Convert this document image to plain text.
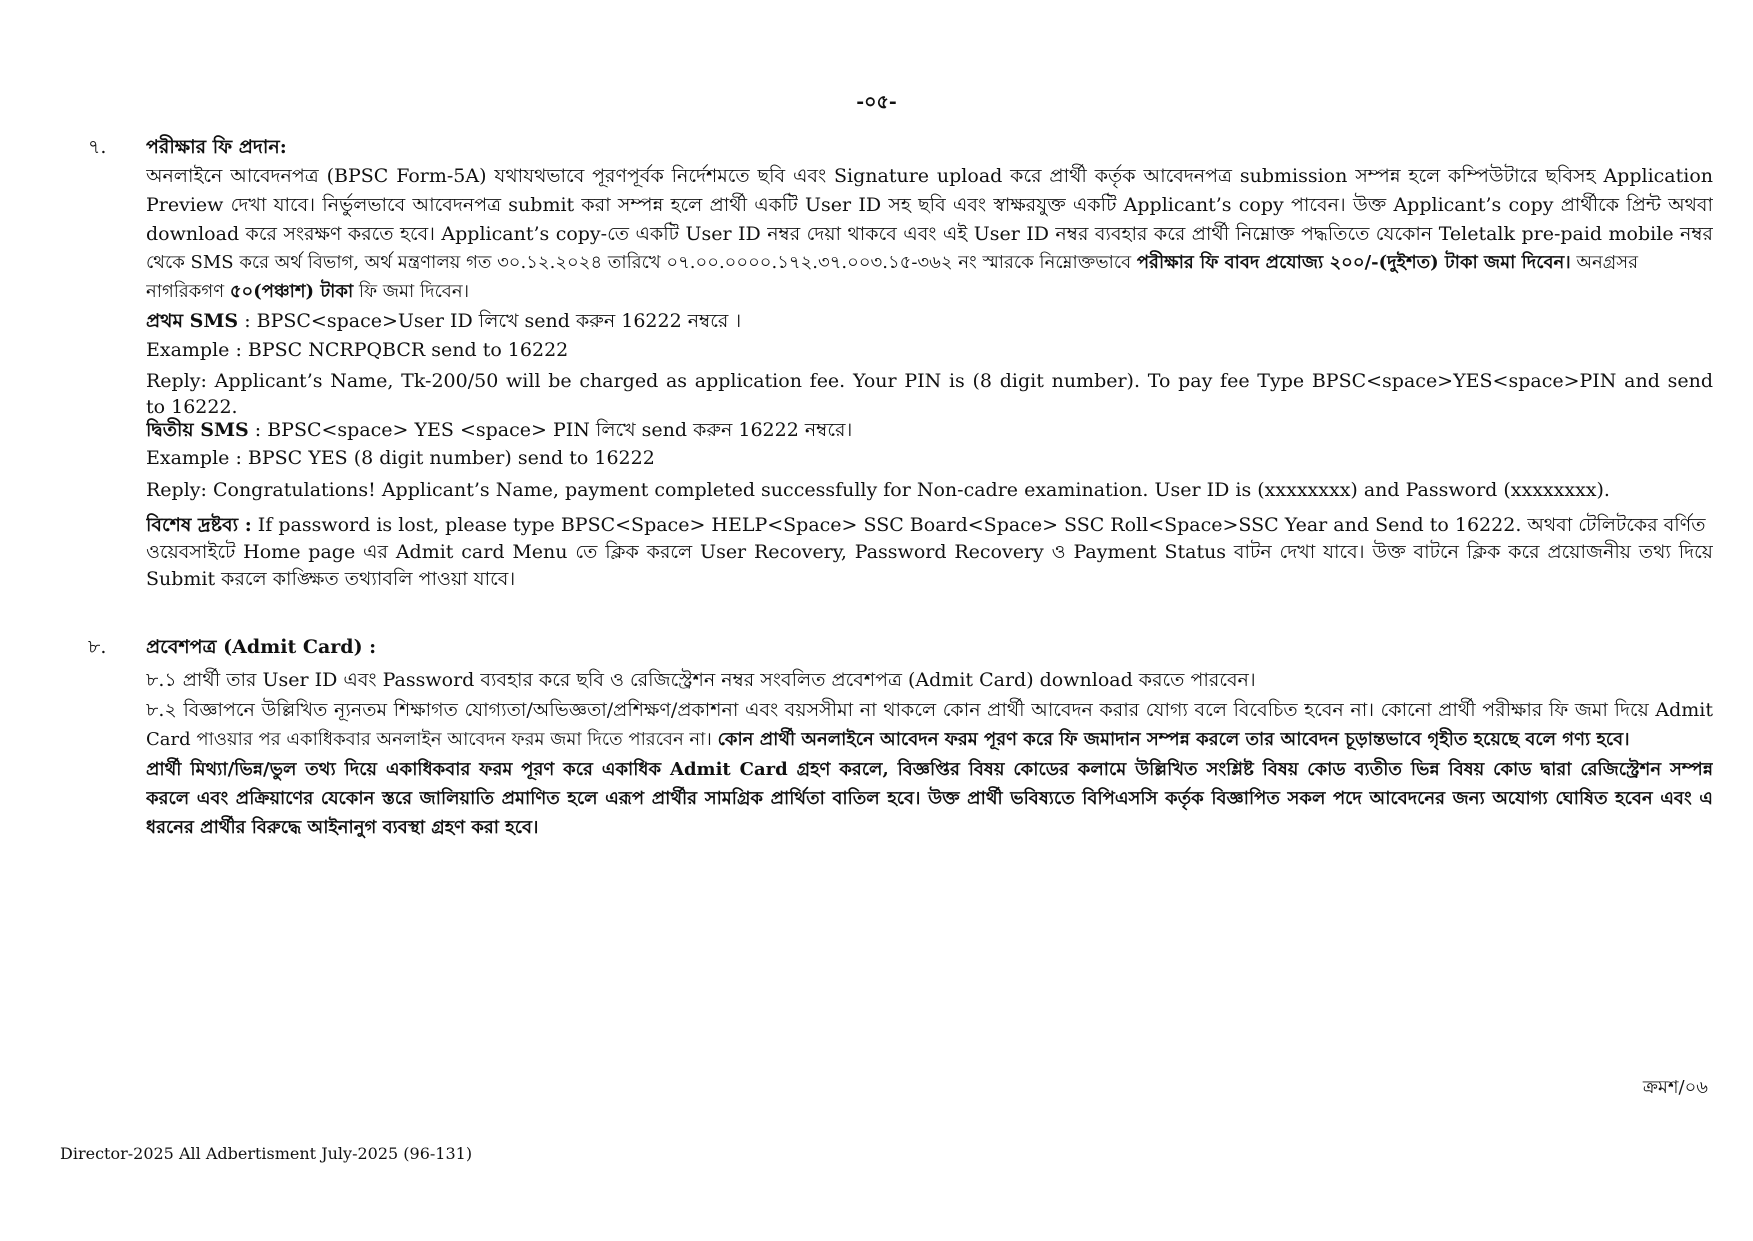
-০৫-
৭. পরীক্ষার ফি প্রদান:
অনলাইনে আবেদনপত্র (BPSC Form-5A) যথাযথভাবে পূরণপূর্বক নির্দেশমতে ছবি এবং Signature upload করে প্রার্থী কর্তৃক আবেদনপত্র submission সম্পন্ন হলে কম্পিউটারে ছবিসহ Application
Preview দেখা যাবে। নির্ভুলভাবে আবেদনপত্র submit করা সম্পন্ন হলে প্রার্থী একটি User ID সহ ছবি এবং স্বাক্ষরযুক্ত একটি Applicant’s copy পাবেন। উক্ত Applicant’s copy প্রার্থীকে প্রিন্ট অথবা
download করে সংরক্ষণ করতে হবে। Applicant’s copy-তে একটি User ID নম্বর দেয়া থাকবে এবং এই User ID নম্বর ব্যবহার করে প্রার্থী নিম্নোক্ত পদ্ধতিতে যেকোন Teletalk pre-paid mobile নম্বর
থেকে SMS করে অর্থ বিভাগ, অর্থ মন্ত্রণালয় গত ৩০.১২.২০২৪ তারিখে ০৭.০০.০০০০.১৭২.৩৭.০০৩.১৫-৩৬২ নং স্মারকে নিম্নোক্তভাবে পরীক্ষার ফি বাবদ প্রযোজ্য ২০০/-(দুইশত) টাকা জমা দিবেন। অনগ্রসর
নাগরিকগণ ৫০(পঞ্চাশ) টাকা ফি জমা দিবেন।
প্রথম SMS : BPSC<space>User ID লিখে send করুন 16222 নম্বরে ।
Example : BPSC NCRPQBCR send to 16222
Reply: Applicant’s Name, Tk-200/50 will be charged as application fee. Your PIN is (8 digit number). To pay fee Type BPSC<space>YES<space>PIN and send
to 16222.
দ্বিতীয় SMS : BPSC<space> YES <space> PIN লিখে send করুন 16222 নম্বরে।
Example : BPSC YES (8 digit number) send to 16222
Reply: Congratulations! Applicant’s Name, payment completed successfully for Non-cadre examination. User ID is (xxxxxxxx) and Password (xxxxxxxx).
বিশেষ দ্রষ্টব্য : If password is lost, please type BPSC<Space> HELP<Space> SSC Board<Space> SSC Roll<Space>SSC Year and Send to 16222. অথবা টেলিটকের বর্ণিত
ওয়েবসাইটে Home page এর Admit card Menu তে ক্লিক করলে User Recovery, Password Recovery ও Payment Status বাটন দেখা যাবে। উক্ত বাটনে ক্লিক করে প্রয়োজনীয় তথ্য দিয়ে
Submit করলে কাঙ্ক্ষিত তথ্যাবলি পাওয়া যাবে।
৮. প্রবেশপত্র (Admit Card) :
৮.১ প্রার্থী তার User ID এবং Password ব্যবহার করে ছবি ও রেজিস্ট্রেশন নম্বর সংবলিত প্রবেশপত্র (Admit Card) download করতে পারবেন।
৮.২ বিজ্ঞাপনে উল্লিখিত ন্যূনতম শিক্ষাগত যোগ্যতা/অভিজ্ঞতা/প্রশিক্ষণ/প্রকাশনা এবং বয়সসীমা না থাকলে কোন প্রার্থী আবেদন করার যোগ্য বলে বিবেচিত হবেন না। কোনো প্রার্থী পরীক্ষার ফি জমা দিয়ে Admit
Card পাওয়ার পর একাধিকবার অনলাইন আবেদন ফরম জমা দিতে পারবেন না। কোন প্রার্থী অনলাইনে আবেদন ফরম পূরণ করে ফি জমাদান সম্পন্ন করলে তার আবেদন চূড়ান্তভাবে গৃহীত হয়েছে বলে গণ্য হবে।
প্রার্থী মিথ্যা/ভিন্ন/ভুল তথ্য দিয়ে একাধিকবার ফরম পূরণ করে একাধিক Admit Card গ্রহণ করলে, বিজ্ঞপ্তির বিষয় কোডের কলামে উল্লিখিত সংশ্লিষ্ট বিষয় কোড ব্যতীত ভিন্ন বিষয় কোড দ্বারা রেজিস্ট্রেশন সম্পন্ন
করলে এবং প্রক্রিয়াণের যেকোন স্তরে জালিয়াতি প্রমাণিত হলে এরূপ প্রার্থীর সামগ্রিক প্রার্থিতা বাতিল হবে। উক্ত প্রার্থী ভবিষ্যতে বিপিএসসি কর্তৃক বিজ্ঞাপিত সকল পদে আবেদনের জন্য অযোগ্য ঘোষিত হবেন এবং এ
ধরনের প্রার্থীর বিরুদ্ধে আইনানুগ ব্যবস্থা গ্রহণ করা হবে।
ক্রমশ/০৬
Director-2025 All Adbertisment July-2025 (96-131)
